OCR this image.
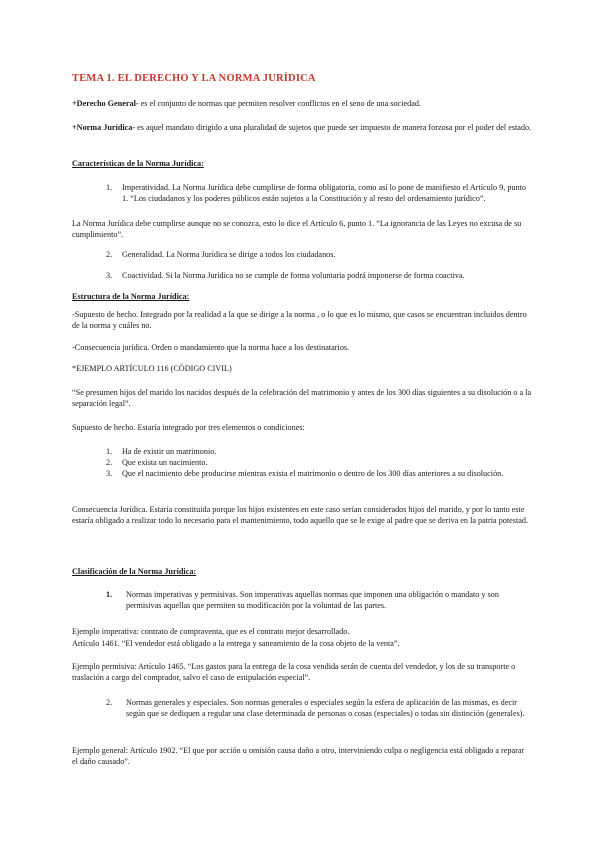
TEMA 1. EL DERECHO Y LA NORMA JURÍDICA

+Derecho General- es el conjunto de normas que permiten resolver conflictos en el seno de una sociedad.

+Norma Jurídica- es aquel mandato dirigido a una pluralidad de sujetos que puede ser impuesto de manera forzosa por el poder del estado.

Características de la Norma Jurídica:

1. Imperatividad. La Norma Jurídica debe cumplirse de forma obligatoria, como así lo pone de manifiesto el Artículo 9, punto 1. “Los ciudadanos y los poderes públicos están sujetos a la Constitución y al resto del ordenamiento jurídico”.

La Norma Jurídica debe cumplirse aunque no se conozca, esto lo dice el Artículo 6, punto 1. “La ignorancia de las Leyes no excusa de su cumplimiento”.

2. Generalidad. La Norma Jurídica se dirige a todos los ciudadanos.
3. Coactividad. Si la Norma Jurídica no se cumple de forma voluntaria podrá imponerse de forma coactiva.

Estructura de la Norma Jurídica:

-Supuesto de hecho. Integrado por la realidad a la que se dirige a la norma , o lo que es lo mismo, que casos se encuentran incluidos dentro de la norma y cuáles no.

-Consecuencia jurídica. Orden o mandamiento que la norma hace a los destinatarios.

*EJEMPLO ARTÍCULO 116 (CÓDIGO CIVIL)

“Se presumen hijos del marido los nacidos después de la celebración del matrimonio y antes de los 300 días siguientes a su disolución o a la separación legal”.

Supuesto de hecho. Estaría integrado por tres elementos o condiciones:

1. Ha de existir un matrimonio.
2. Que exista un nacimiento.
3. Que el nacimiento debe producirse mientras exista el matrimonio o dentro de los 300 días anteriores a su disolución.

Consecuencia Jurídica. Estaría constituida porque los hijos existentes en este caso serían considerados hijos del marido, y por lo tanto este estaría obligado a realizar todo lo necesario para el mantenimiento, todo aquello que se le exige al padre que se deriva en la patria potestad.

Clasificación de la Norma Jurídica:

1. Normas imperativas y permisivas. Son imperativas aquellas normas que imponen una obligación o mandato y son permisivas aquellas que permiten su modificación por la voluntad de las partes.

Ejemplo imperativa: contrato de compraventa, que es el contrato mejor desarrollado.

Artículo 1461. “El vendedor está obligado a la entrega y saneamiento de la cosa objeto de la venta”.

Ejemplo permisiva: Artículo 1465. “Los gastos para la entrega de la cosa vendida serán de cuenta del vendedor, y los de su transporte o traslación a cargo del comprador, salvo el caso de estipulación especial”.

2. Normas generales y especiales. Son normas generales o especiales según la esfera de aplicación de las mismas, es decir según que se dediquen a regular una clase determinada de personas o cosas (especiales) o todas sin distinción (generales).

Ejemplo general: Artículo 1902. “El que por acción u omisión causa daño a otro, interviniendo culpa o negligencia está obligado a reparar el daño causado”.
